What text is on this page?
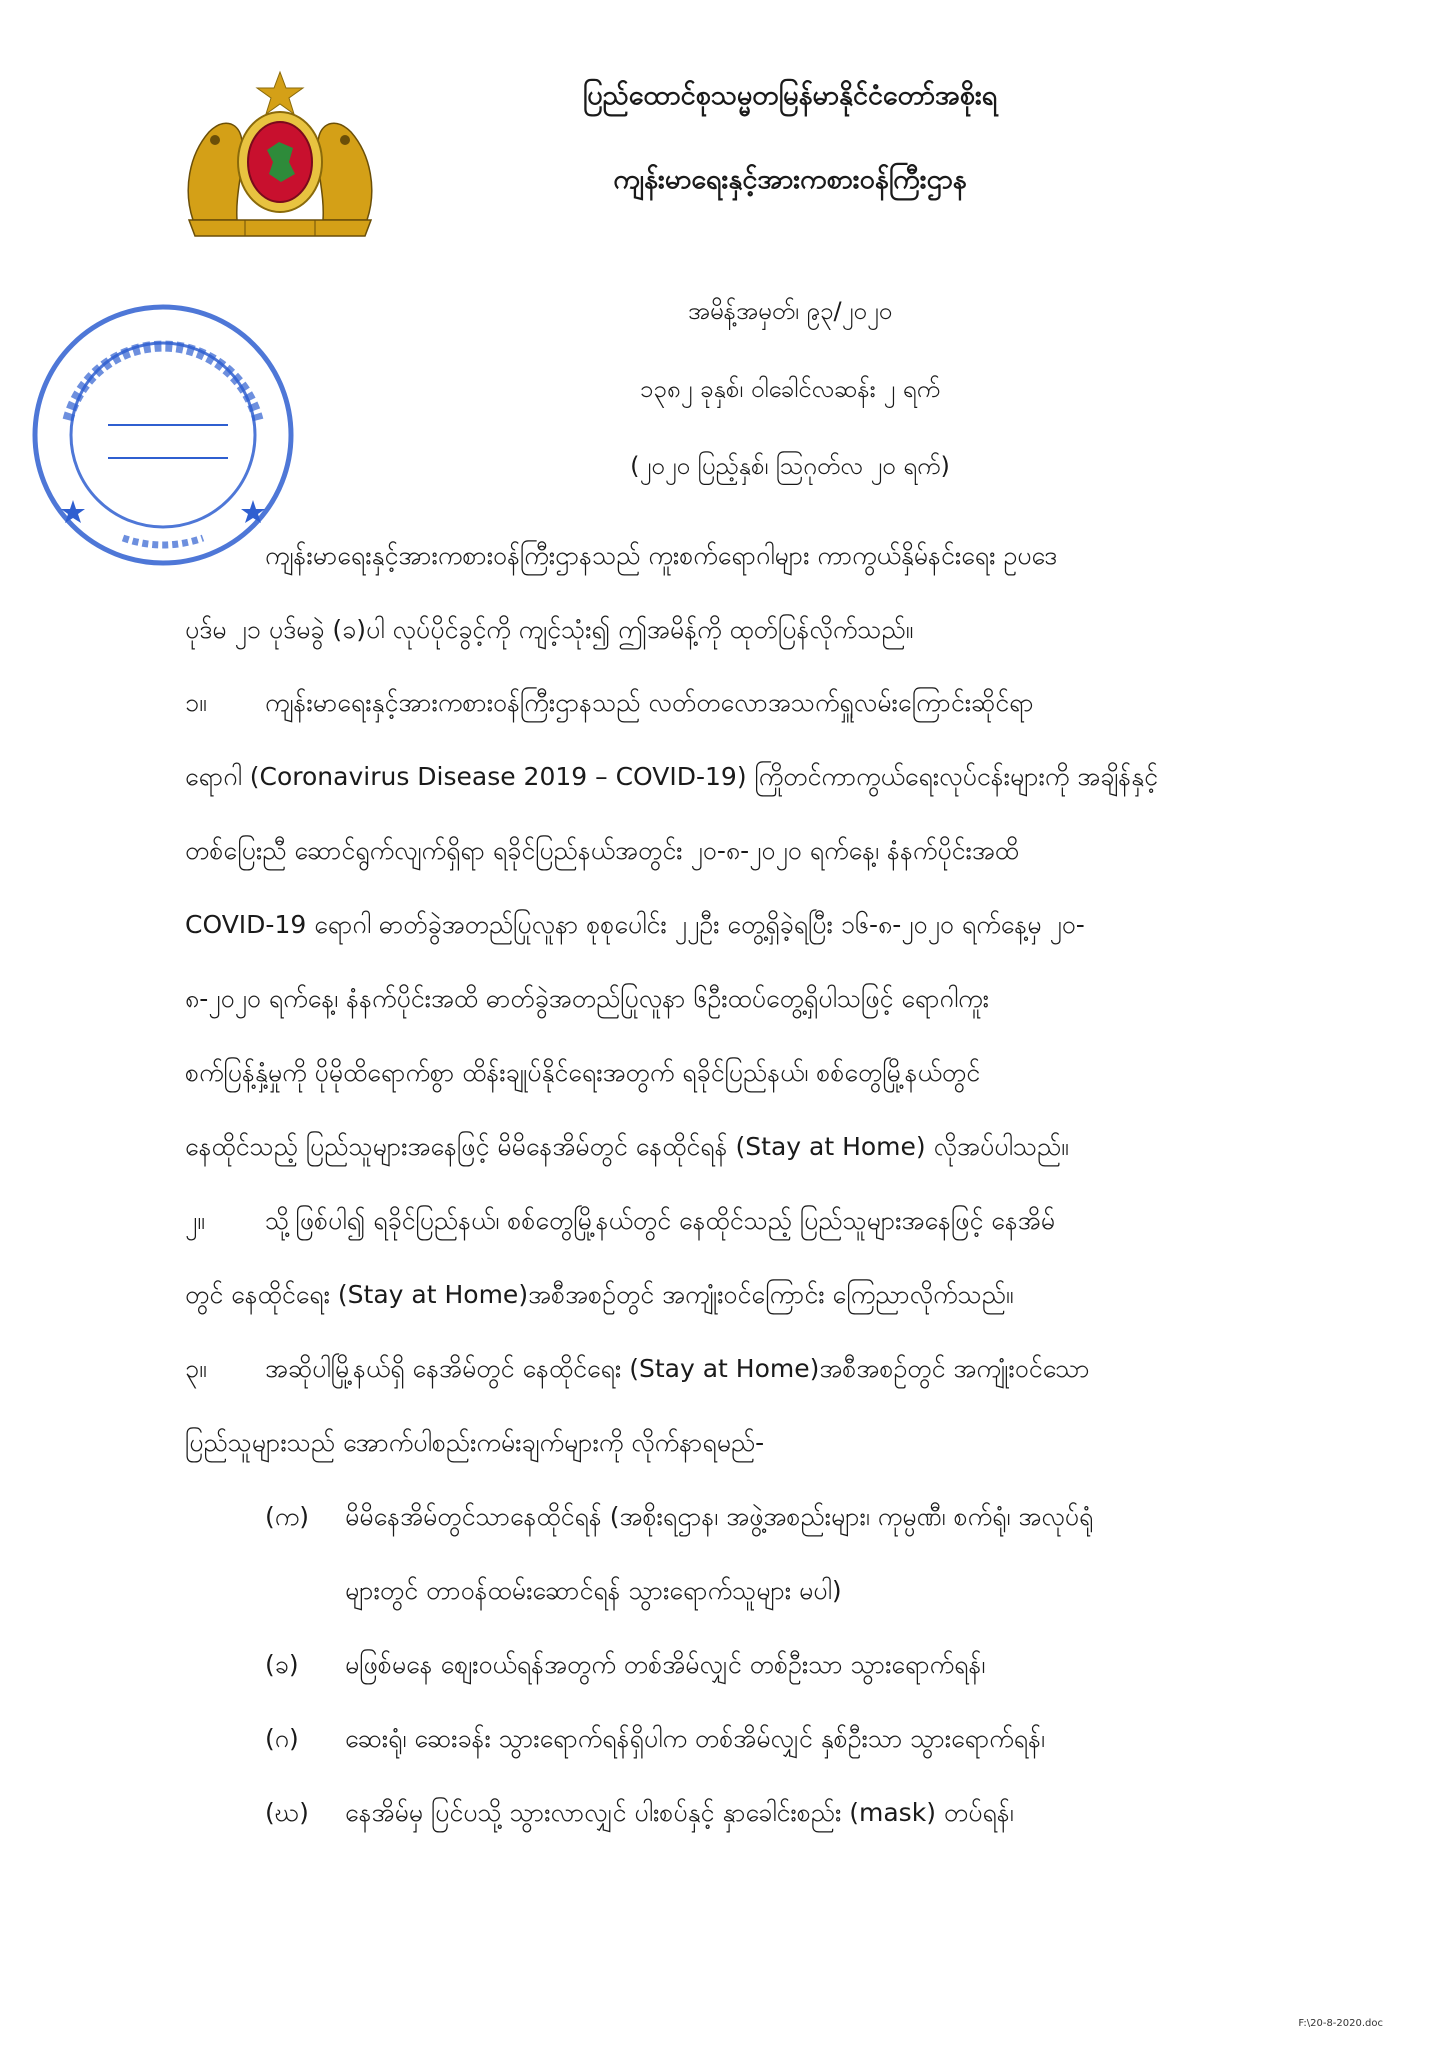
ပြည်ထောင်စုသမ္မတမြန်မာနိုင်ငံတော်အစိုးရ
ကျန်းမာရေးနှင့်အားကစားဝန်ကြီးဌာန
အမိန့်အမှတ်၊ ၉၃/၂၀၂၀
၁၃၈၂ ခုနှစ်၊ ဝါခေါင်လဆန်း ၂ ရက်
(၂၀၂၀ ပြည့်နှစ်၊ ဩဂုတ်လ ၂၀ ရက်)
ကျန်းမာရေးနှင့်အားကစားဝန်ကြီးဌာနသည် ကူးစက်ရောဂါများ ကာကွယ်နှိမ်နင်းရေး ဥပဒေ
ပုဒ်မ ၂၁ ပုဒ်မခွဲ (ခ)ပါ လုပ်ပိုင်ခွင့်ကို ကျင့်သုံး၍ ဤအမိန့်ကို ထုတ်ပြန်လိုက်သည်။
၁။ ကျန်းမာရေးနှင့်အားကစားဝန်ကြီးဌာနသည် လတ်တလောအသက်ရှူလမ်းကြောင်းဆိုင်ရာ
ရောဂါ (Coronavirus Disease 2019 – COVID-19) ကြိုတင်ကာကွယ်ရေးလုပ်ငန်းများကို အချိန်နှင့်
တစ်ပြေးညီ ဆောင်ရွက်လျက်ရှိရာ ရခိုင်ပြည်နယ်အတွင်း ၂၀-၈-၂၀၂၀ ရက်နေ့၊ နံနက်ပိုင်းအထိ
COVID-19 ရောဂါ ဓာတ်ခွဲအတည်ပြုလူနာ စုစုပေါင်း ၂၂ဦး တွေ့ရှိခဲ့ရပြီး ၁၆-၈-၂၀၂၀ ရက်နေ့မှ ၂၀-
၈-၂၀၂၀ ရက်နေ့၊ နံနက်ပိုင်းအထိ ဓာတ်ခွဲအတည်ပြုလူနာ ၆ဦးထပ်တွေ့ရှိပါသဖြင့် ရောဂါကူး
စက်ပြန့်နှံ့မှုကို ပိုမိုထိရောက်စွာ ထိန်းချုပ်နိုင်ရေးအတွက် ရခိုင်ပြည်နယ်၊ စစ်တွေမြို့နယ်တွင်
နေထိုင်သည့် ပြည်သူများအနေဖြင့် မိမိနေအိမ်တွင် နေထိုင်ရန် (Stay at Home) လိုအပ်ပါသည်။
၂။ သို့ဖြစ်ပါ၍ ရခိုင်ပြည်နယ်၊ စစ်တွေမြို့နယ်တွင် နေထိုင်သည့် ပြည်သူများအနေဖြင့် နေအိမ်
တွင် နေထိုင်ရေး (Stay at Home)အစီအစဉ်တွင် အကျုံးဝင်ကြောင်း ကြေညာလိုက်သည်။
၃။ အဆိုပါမြို့နယ်ရှိ နေအိမ်တွင် နေထိုင်ရေး (Stay at Home)အစီအစဉ်တွင် အကျုံးဝင်သော
ပြည်သူများသည် အောက်ပါစည်းကမ်းချက်များကို လိုက်နာရမည်-
(က) မိမိနေအိမ်တွင်သာနေထိုင်ရန် (အစိုးရဌာန၊ အဖွဲ့အစည်းများ၊ ကုမ္ပဏီ၊ စက်ရုံ၊ အလုပ်ရုံ
များတွင် တာဝန်ထမ်းဆောင်ရန် သွားရောက်သူများ မပါ)
(ခ) မဖြစ်မနေ စျေးဝယ်ရန်အတွက် တစ်အိမ်လျှင် တစ်ဦးသာ သွားရောက်ရန်၊
(ဂ) ဆေးရုံ၊ ဆေးခန်း သွားရောက်ရန်ရှိပါက တစ်အိမ်လျှင် နှစ်ဦးသာ သွားရောက်ရန်၊
(ဃ) နေအိမ်မှ ပြင်ပသို့ သွားလာလျှင် ပါးစပ်နှင့် နှာခေါင်းစည်း (mask) တပ်ရန်၊
F:\20-8-2020.doc
